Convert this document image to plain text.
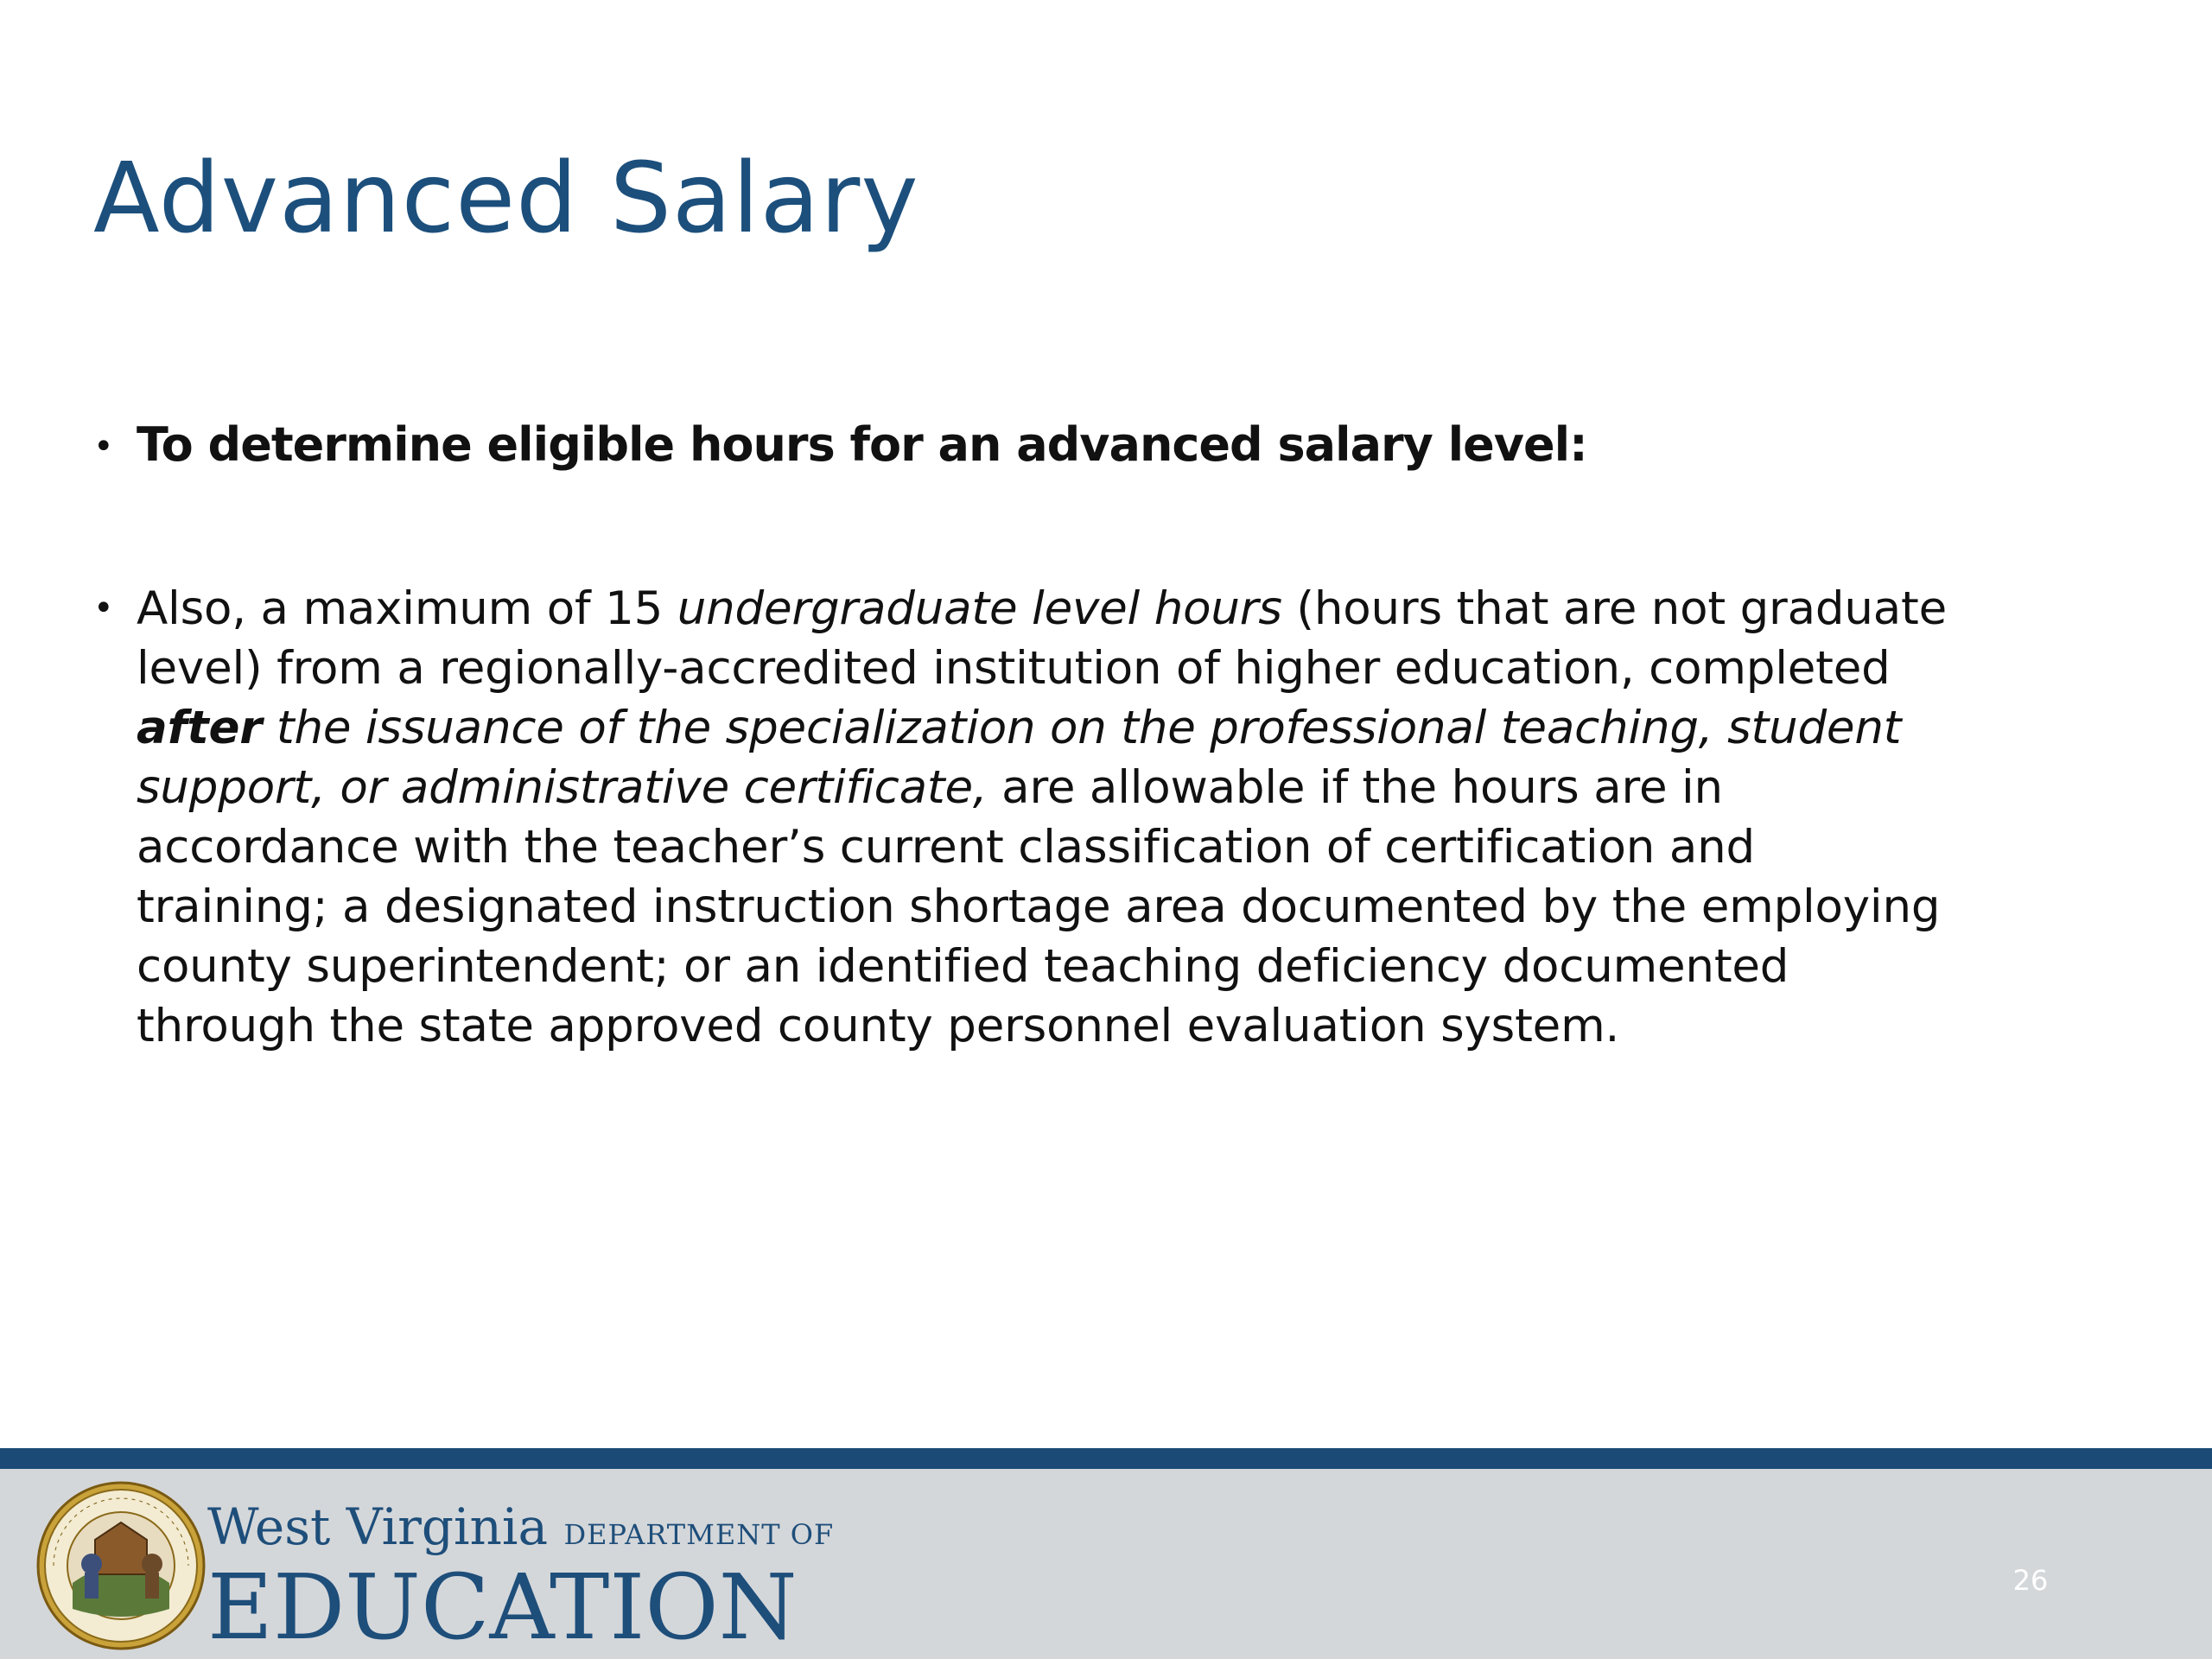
Advanced Salary
• To determine eligible hours for an advanced salary level:
• Also, a maximum of 15 undergraduate level hours (hours that are not graduate
level) from a regionally-accredited institution of higher education, completed
after the issuance of the specialization on the professional teaching, student
support, or administrative certificate, are allowable if the hours are in
accordance with the teacher’s current classification of certification and
training; a designated instruction shortage area documented by the employing
county superintendent; or an identified teaching deficiency documented
through the state approved county personnel evaluation system.
West Virginia DEPARTMENT OF
EDUCATION	26
